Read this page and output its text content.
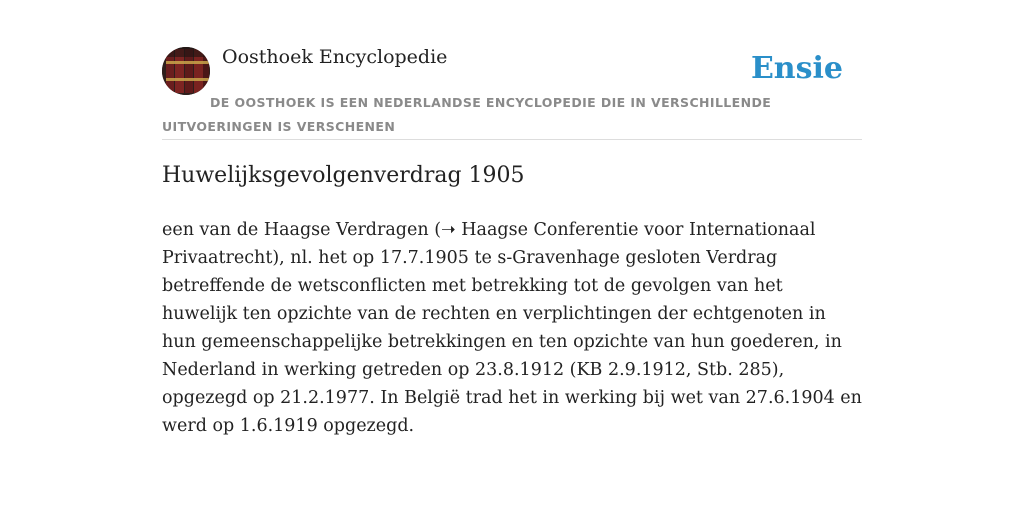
Oosthoek Encyclopedie	Ensie
DE OOSTHOEK IS EEN NEDERLANDSE ENCYCLOPEDIE DIE IN VERSCHILLENDE UITVOERINGEN IS VERSCHENEN
Huwelijksgevolgenverdrag 1905

een van de Haagse Verdragen (➝ Haagse Conferentie voor Internationaal Privaatrecht), nl. het op 17.7.1905 te s-Gravenhage gesloten Verdrag betreffende de wetsconflicten met betrekking tot de gevolgen van het huwelijk ten opzichte van de rechten en verplichtingen der echtgenoten in hun gemeenschappelijke betrekkingen en ten opzichte van hun goederen, in Nederland in werking getreden op 23.8.1912 (KB 2.9.1912, Stb. 285), opgezegd op 21.2.1977. In België trad het in werking bij wet van 27.6.1904 en werd op 1.6.1919 opgezegd.
